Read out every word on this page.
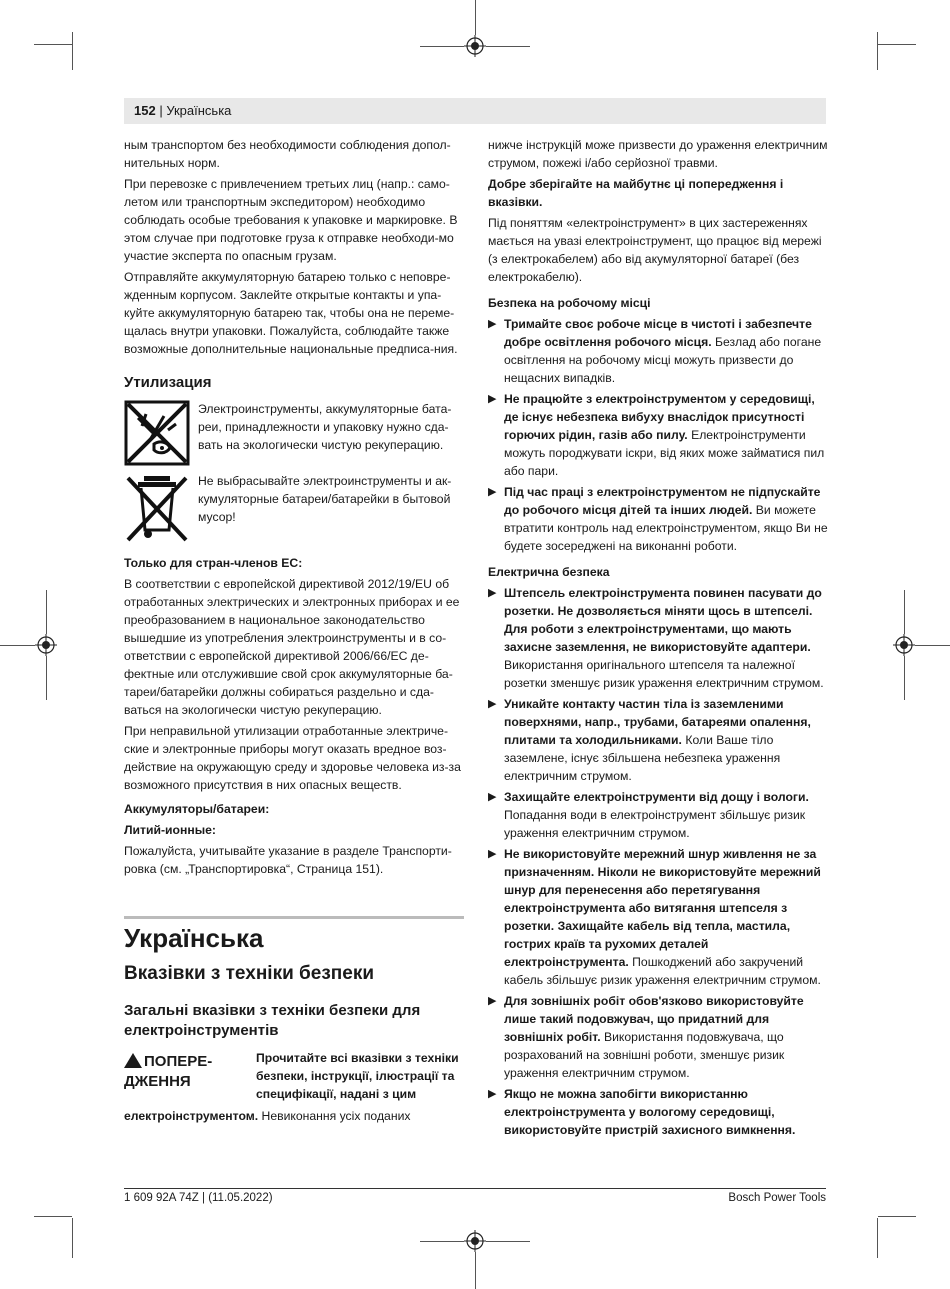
152 | Українська

ным транспортом без необходимости соблюдения допол-нительных норм.

При перевозке с привлечением третьих лиц (напр.: само-летом или транспортным экспедитором) необходимо соблюдать особые требования к упаковке и маркировке. В этом случае при подготовке груза к отправке необходи-мо участие эксперта по опасным грузам.

Отправляйте аккумуляторную батарею только с неповре-жденным корпусом. Заклейте открытые контакты и упа-куйте аккумуляторную батарею так, чтобы она не переме-щалась внутри упаковки. Пожалуйста, соблюдайте также возможные дополнительные национальные предписа-ния.

Утилизация
Электроинструменты, аккумуляторные бата-реи, принадлежности и упаковку нужно сда-вать на экологически чистую рекуперацию.
Не выбрасывайте электроинструменты и ак-кумуляторные батареи/батарейки в бытовой мусор!
Только для стран-членов ЕС:

В соответствии с европейской директивой 2012/19/EU об отработанных электрических и электронных приборах и ее преобразованием в национальное законодательство вышедшие из употребления электроинструменты и в со-ответствии с европейской директивой 2006/66/EC де-фектные или отслужившие свой срок аккумуляторные ба-тареи/батарейки должны собираться раздельно и сда-ваться на экологически чистую рекуперацию.

При неправильной утилизации отработанные электриче-ские и электронные приборы могут оказать вредное воз-действие на окружающую среду и здоровье человека из-за возможного присутствия в них опасных веществ.

Аккумуляторы/батареи:
Литий-ионные:

Пожалуйста, учитывайте указание в разделе Транспорти-ровка (см. „Транспортировка“, Страница 151).

Українська
Вказівки з техніки безпеки
Загальні вказівки з техніки безпеки для електроінструментів
ПОПЕРЕ-ДЖЕННЯ
Прочитайте всі вказівки з техніки безпеки, інструкції, ілюстрації та специфікації, надані з цим
електроінструментом. Невиконання усіх поданих

нижче інструкцій може призвести до ураження електричним струмом, пожежі і/або серйозної травми.

Добре зберігайте на майбутнє ці попередження і вказівки.

Під поняттям «електроінструмент» в цих застереженнях мається на увазі електроінструмент, що працює від мережі (з електрокабелем) або від акумуляторної батареї (без електрокабелю).

Безпека на робочому місці
▶ Тримайте своє робоче місце в чистоті і забезпечте добре освітлення робочого місця. Безлад або погане освітлення на робочому місці можуть призвести до нещасних випадків.
▶ Не працюйте з електроінструментом у середовищі, де існує небезпека вибуху внаслідок присутності горючих рідин, газів або пилу. Електроінструменти можуть породжувати іскри, від яких може займатися пил або пари.
▶ Під час праці з електроінструментом не підпускайте до робочого місця дітей та інших людей. Ви можете втратити контроль над електроінструментом, якщо Ви не будете зосереджені на виконанні роботи.
Електрична безпека
▶ Штепсель електроінструмента повинен пасувати до розетки. Не дозволяється міняти щось в штепселі. Для роботи з електроінструментами, що мають захисне заземлення, не використовуйте адаптери. Використання оригінального штепселя та належної розетки зменшує ризик ураження електричним струмом.
▶ Уникайте контакту частин тіла із заземленими поверхнями, напр., трубами, батареями опалення, плитами та холодильниками. Коли Ваше тіло заземлене, існує збільшена небезпека ураження електричним струмом.
▶ Захищайте електроінструменти від дощу і вологи. Попадання води в електроінструмент збільшує ризик ураження електричним струмом.
▶ Не використовуйте мережний шнур живлення не за призначенням. Ніколи не використовуйте мережний шнур для перенесення або перетягування електроінструмента або витягання штепселя з розетки. Захищайте кабель від тепла, мастила, гострих країв та рухомих деталей електроінструмента. Пошкоджений або закручений кабель збільшує ризик ураження електричним струмом.
▶ Для зовнішніх робіт обов'язково використовуйте лише такий подовжувач, що придатний для зовнішніх робіт. Використання подовжувача, що розрахований на зовнішні роботи, зменшує ризик ураження електричним струмом.
▶ Якщо не можна запобігти використанню електроінструмента у вологому середовищі, використовуйте пристрій захисного вимкнення.
1 609 92A 74Z | (11.05.2022)	Bosch Power Tools
